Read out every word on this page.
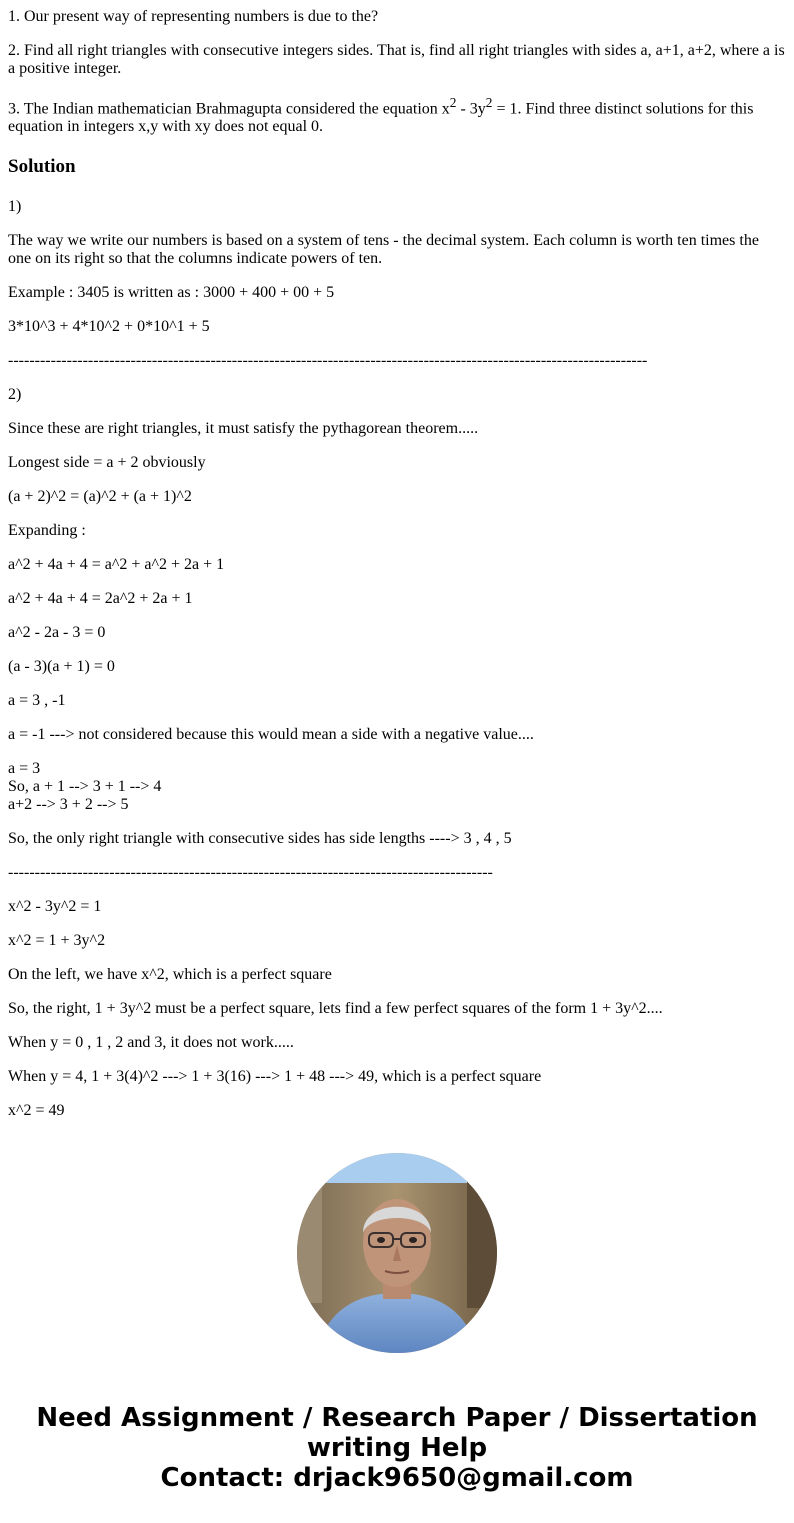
1. Our present way of representing numbers is due to the?

2. Find all right triangles with consecutive integers sides. That is, find all right triangles with sides a, a+1, a+2, where a is a positive integer.

3. The Indian mathematician Brahmagupta considered the equation $x^2 - 3y^2 = 1$. Find three distinct solutions for this equation in integers x,y with xy does not equal 0.

Solution

1)

The way we write our numbers is based on a system of tens - the decimal system. Each column is worth ten times the one on its right so that the columns indicate powers of ten.

Example : 3405 is written as : 3000 + 400 + 00 + 5

3*10^3 + 4*10^2 + 0*10^1 + 5

------------------------------------------------------------------------------------------------------------------------

2)

Since these are right triangles, it must satisfy the pythagorean theorem.....

Longest side = a + 2 obviously

(a + 2)^2 = (a)^2 + (a + 1)^2

Expanding :

a^2 + 4a + 4 = a^2 + a^2 + 2a + 1

a^2 + 4a + 4 = 2a^2 + 2a + 1

a^2 - 2a - 3 = 0

(a - 3)(a + 1) = 0

a = 3 , -1

a = -1 ---> not considered because this would mean a side with a negative value....

a = 3
So, a + 1 --> 3 + 1 --> 4
a+2 --> 3 + 2 --> 5

So, the only right triangle with consecutive sides has side lengths ----> 3 , 4 , 5

-------------------------------------------------------------------------------------------

x^2 - 3y^2 = 1

x^2 = 1 + 3y^2

On the left, we have x^2, which is a perfect square

So, the right, 1 + 3y^2 must be a perfect square, lets find a few perfect squares of the form 1 + 3y^2....

When y = 0 , 1 , 2 and 3, it does not work.....

When y = 4, 1 + 3(4)^2 ---> 1 + 3(16) ---> 1 + 48 ---> 49, which is a perfect square

x^2 = 49

Need Assignment / Research Paper / Dissertation
writing Help
Contact: drjack9650@gmail.com
